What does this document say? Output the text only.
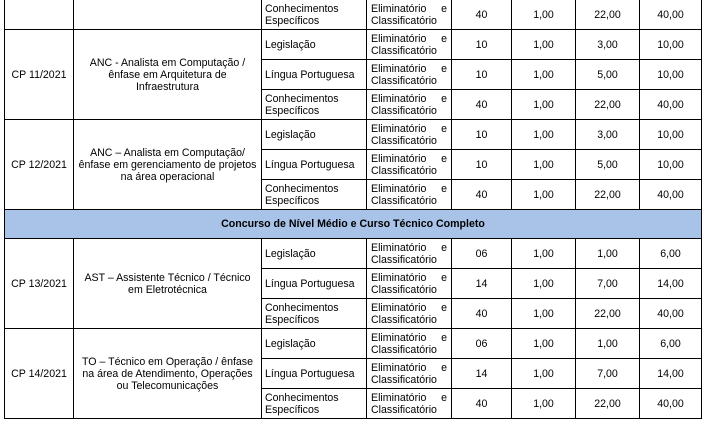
		Conhecimentos Específicos	Eliminatório e
Classificatório	40	1,00	22,00	40,00
CP 11/2021	ANC - Analista em Computação / ênfase em Arquitetura de Infraestrutura	Legislação	Eliminatório e
Classificatório	10	1,00	3,00	10,00
		Língua Portuguesa	Eliminatório e
Classificatório	10	1,00	5,00	10,00
		Conhecimentos Específicos	Eliminatório e
Classificatório	40	1,00	22,00	40,00
CP 12/2021	ANC – Analista em Computação/ ênfase em gerenciamento de projetos na área operacional	Legislação	Eliminatório e
Classificatório	10	1,00	3,00	10,00
		Língua Portuguesa	Eliminatório e
Classificatório	10	1,00	5,00	10,00
		Conhecimentos Específicos	Eliminatório e
Classificatório	40	1,00	22,00	40,00
Concurso de Nível Médio e Curso Técnico Completo							
CP 13/2021	AST – Assistente Técnico / Técnico em Eletrotécnica	Legislação	Eliminatório e
Classificatório	06	1,00	1,00	6,00
		Língua Portuguesa	Eliminatório e
Classificatório	14	1,00	7,00	14,00
		Conhecimentos Específicos	Eliminatório e
Classificatório	40	1,00	22,00	40,00
CP 14/2021	TO – Técnico em Operação / ênfase na área de Atendimento, Operações ou Telecomunicações	Legislação	Eliminatório e
Classificatório	06	1,00	1,00	6,00
		Língua Portuguesa	Eliminatório e
Classificatório	14	1,00	7,00	14,00
		Conhecimentos Específicos	Eliminatório e
Classificatório	40	1,00	22,00	40,00
